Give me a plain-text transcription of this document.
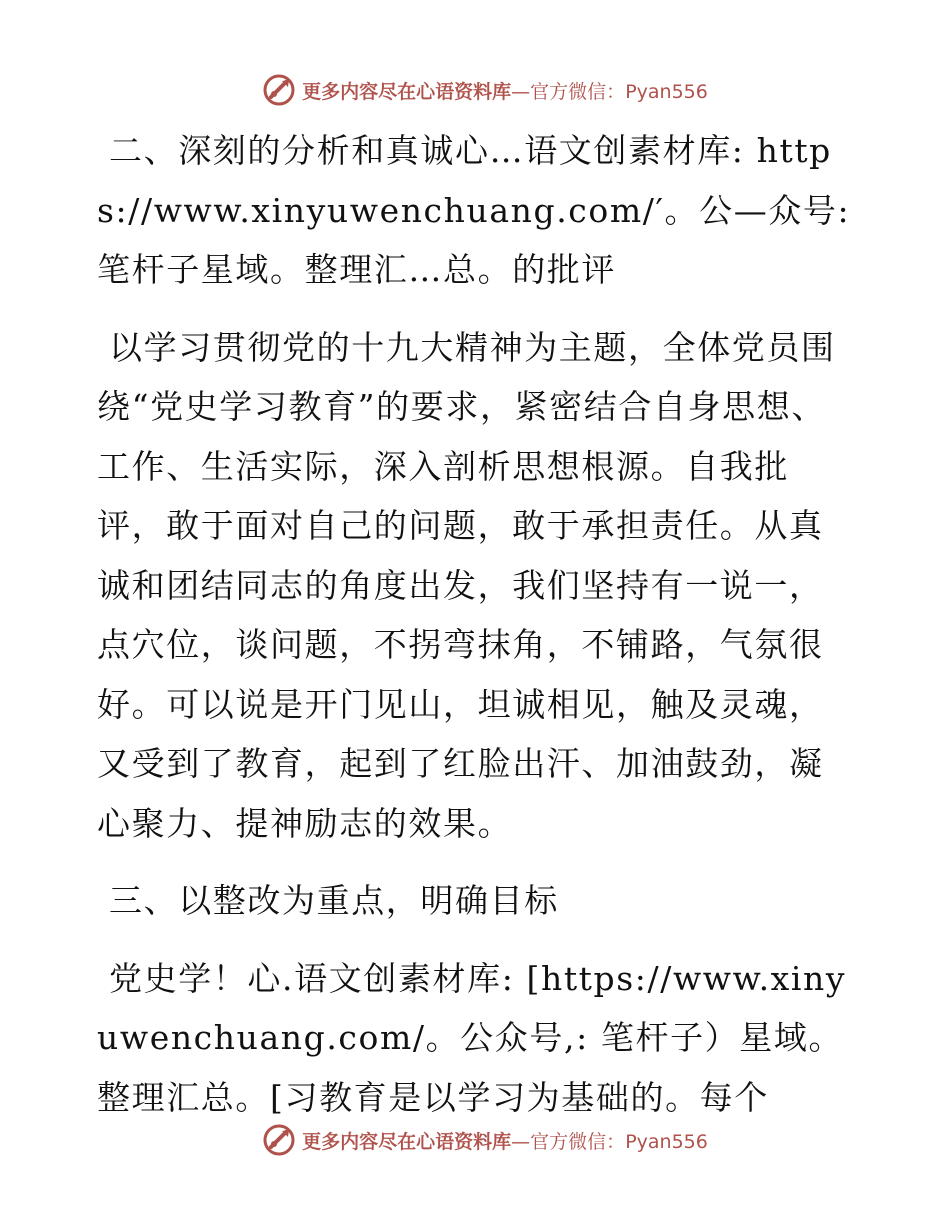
更多内容尽在心语资料库—官方微信：Pyan556

二、深刻的分析和真诚心…语文创素材库: https://www.xinyuwenchuang.com/′。公—众号: 笔杆子星域。整理汇…总。的批评

以学习贯彻党的十九大精神为主题，全体党员围绕“党史学习教育”的要求，紧密结合自身思想、工作、生活实际，深入剖析思想根源。自我批评，敢于面对自己的问题，敢于承担责任。从真诚和团结同志的角度出发，我们坚持有一说一，点穴位，谈问题，不拐弯抹角，不铺路，气氛很好。可以说是开门见山，坦诚相见，触及灵魂，又受到了教育，起到了红脸出汗、加油鼓劲，凝心聚力、提神励志的效果。

三、以整改为重点，明确目标

党史学！心.语文创素材库: [https://www.xinyuwenchuang.com/。公众号,: 笔杆子）星域。整理汇总。[习教育是以学习为基础的。每个

更多内容尽在心语资料库—官方微信：Pyan556
